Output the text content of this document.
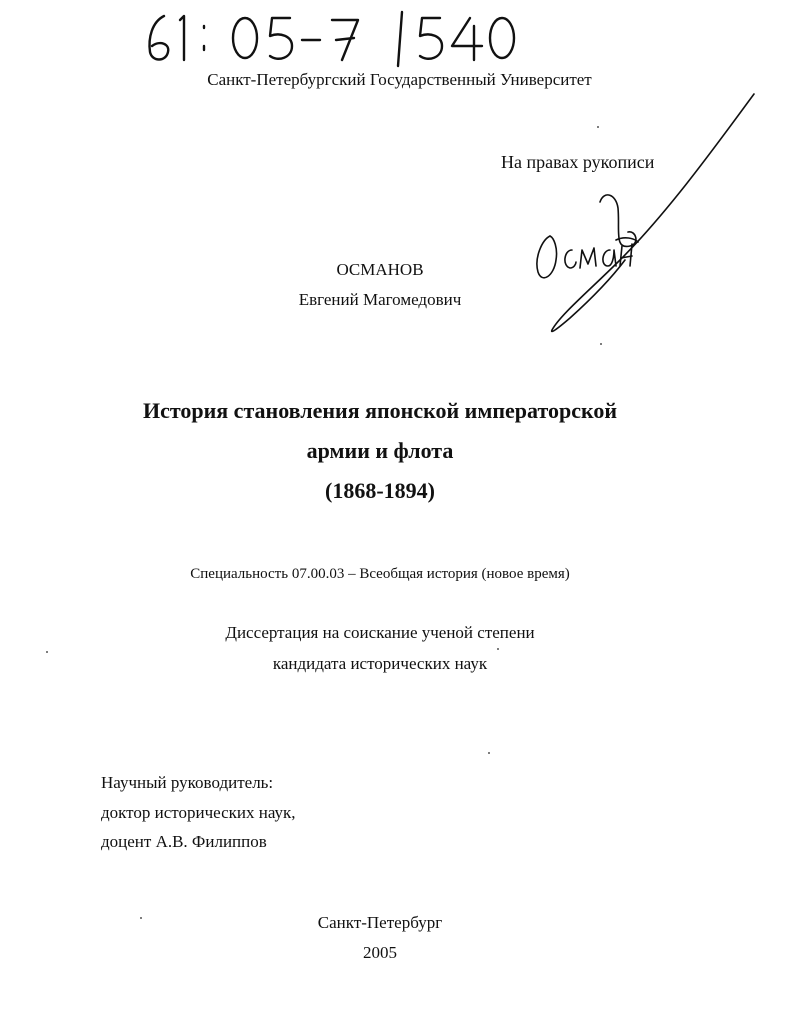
Санкт-Петербургский Государственный Университет
На правах рукописи
ОСМАНОВ
Евгений Магомедович
История становления японской императорской
армии и флота
(1868-1894)
Специальность 07.00.03 – Всеобщая история (новое время)
Диссертация на соискание ученой степени
кандидата исторических наук
Научный руководитель:
доктор исторических наук,
доцент А.В. Филиппов
Санкт-Петербург
2005
